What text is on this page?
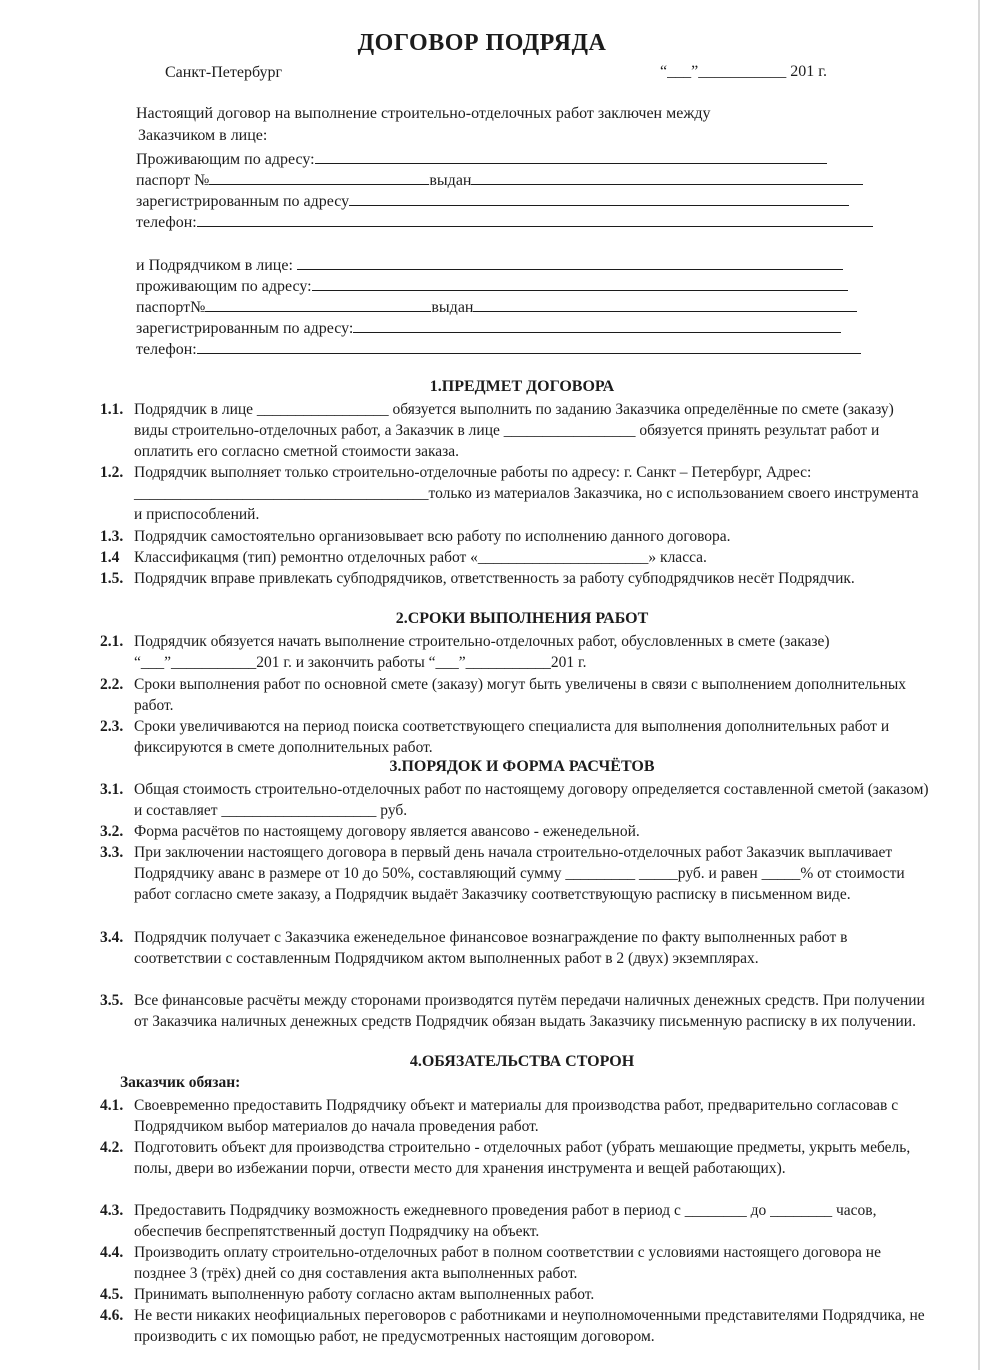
ДОГОВОР ПОДРЯДА
Санкт-Петербург	“___”___________ 201 г.
Настоящий договор на выполнение строительно-отделочных работ заключен между
Заказчиком в лице:
Проживающим по адресу:
паспорт №	выдан
зарегистрированным по адресу
телефон:
и Подрядчиком в лице:
проживающим по адресу:
паспорт№	выдан
зарегистрированным по адресу:
телефон:
1.ПРЕДМЕТ ДОГОВОРА
1.1. Подрядчик в лице _________________ обязуется выполнить по заданию Заказчика определённые по смете (заказу) виды строительно-отделочных работ, а Заказчик в лице _________________ обязуется принять результат работ и оплатить его согласно сметной стоимости заказа.
1.2. Подрядчик выполняет только строительно-отделочные работы по адресу: г. Санкт – Петербург, Адрес: ______________________________________только из материалов Заказчика, но с использованием своего инструмента и приспособлений.
1.3. Подрядчик самостоятельно организовывает всю работу по исполнению данного договора.
1.4 Классификацмя (тип) ремонтно отделочных работ «______________________» класса.
1.5. Подрядчик вправе привлекать субподрядчиков, ответственность за работу субподрядчиков несёт Подрядчик.
2.СРОКИ ВЫПОЛНЕНИЯ РАБОТ
2.1. Подрядчик обязуется начать выполнение строительно-отделочных работ, обусловленных в смете (заказе) “___”___________201 г. и закончить работы “___”___________201 г.
2.2. Сроки выполнения работ по основной смете (заказу) могут быть увеличены в связи с выполнением дополнительных работ.
2.3. Сроки увеличиваются на период поиска соответствующего специалиста для выполнения дополнительных работ и фиксируются в смете дополнительных работ.
3.ПОРЯДОК И ФОРМА РАСЧЁТОВ
3.1. Общая стоимость строительно-отделочных работ по настоящему договору определяется составленной сметой (заказом) и составляет ____________________ руб.
3.2. Форма расчётов по настоящему договору является авансово - еженедельной.
3.3. При заключении настоящего договора в первый день начала строительно-отделочных работ Заказчик выплачивает Подрядчику аванс в размере от 10 до 50%, составляющий сумму _________ _____руб. и равен _____% от стоимости работ согласно смете заказу, а Подрядчик выдаёт Заказчику соответствующую расписку в письменном виде.
3.4. Подрядчик получает с Заказчика еженедельное финансовое вознаграждение по факту выполненных работ в соответствии с составленным Подрядчиком актом выполненных работ в 2 (двух) экземплярах.
3.5. Все финансовые расчёты между сторонами производятся путём передачи наличных денежных средств. При получении от Заказчика наличных денежных средств Подрядчик обязан выдать Заказчику письменную расписку в их получении.
4.ОБЯЗАТЕЛЬСТВА СТОРОН
Заказчик обязан:
4.1. Своевременно предоставить Подрядчику объект и материалы для производства работ, предварительно согласовав с Подрядчиком выбор материалов до начала проведения работ.
4.2. Подготовить объект для производства строительно - отделочных работ (убрать мешающие предметы, укрыть мебель, полы, двери во избежании порчи, отвести место для хранения инструмента и вещей работающих).
4.3. Предоставить Подрядчику возможность ежедневного проведения работ в период с ________ до ________ часов, обеспечив беспрепятственный доступ Подрядчику на объект.
4.4. Производить оплату строительно-отделочных работ в полном соответствии с условиями настоящего договора не позднее 3 (трёх) дней со дня составления акта выполненных работ.
4.5. Принимать выполненную работу согласно актам выполненных работ.
4.6. Не вести никаких неофициальных переговоров с работниками и неуполномоченными представителями Подрядчика, не производить с их помощью работ, не предусмотренных настоящим договором.
